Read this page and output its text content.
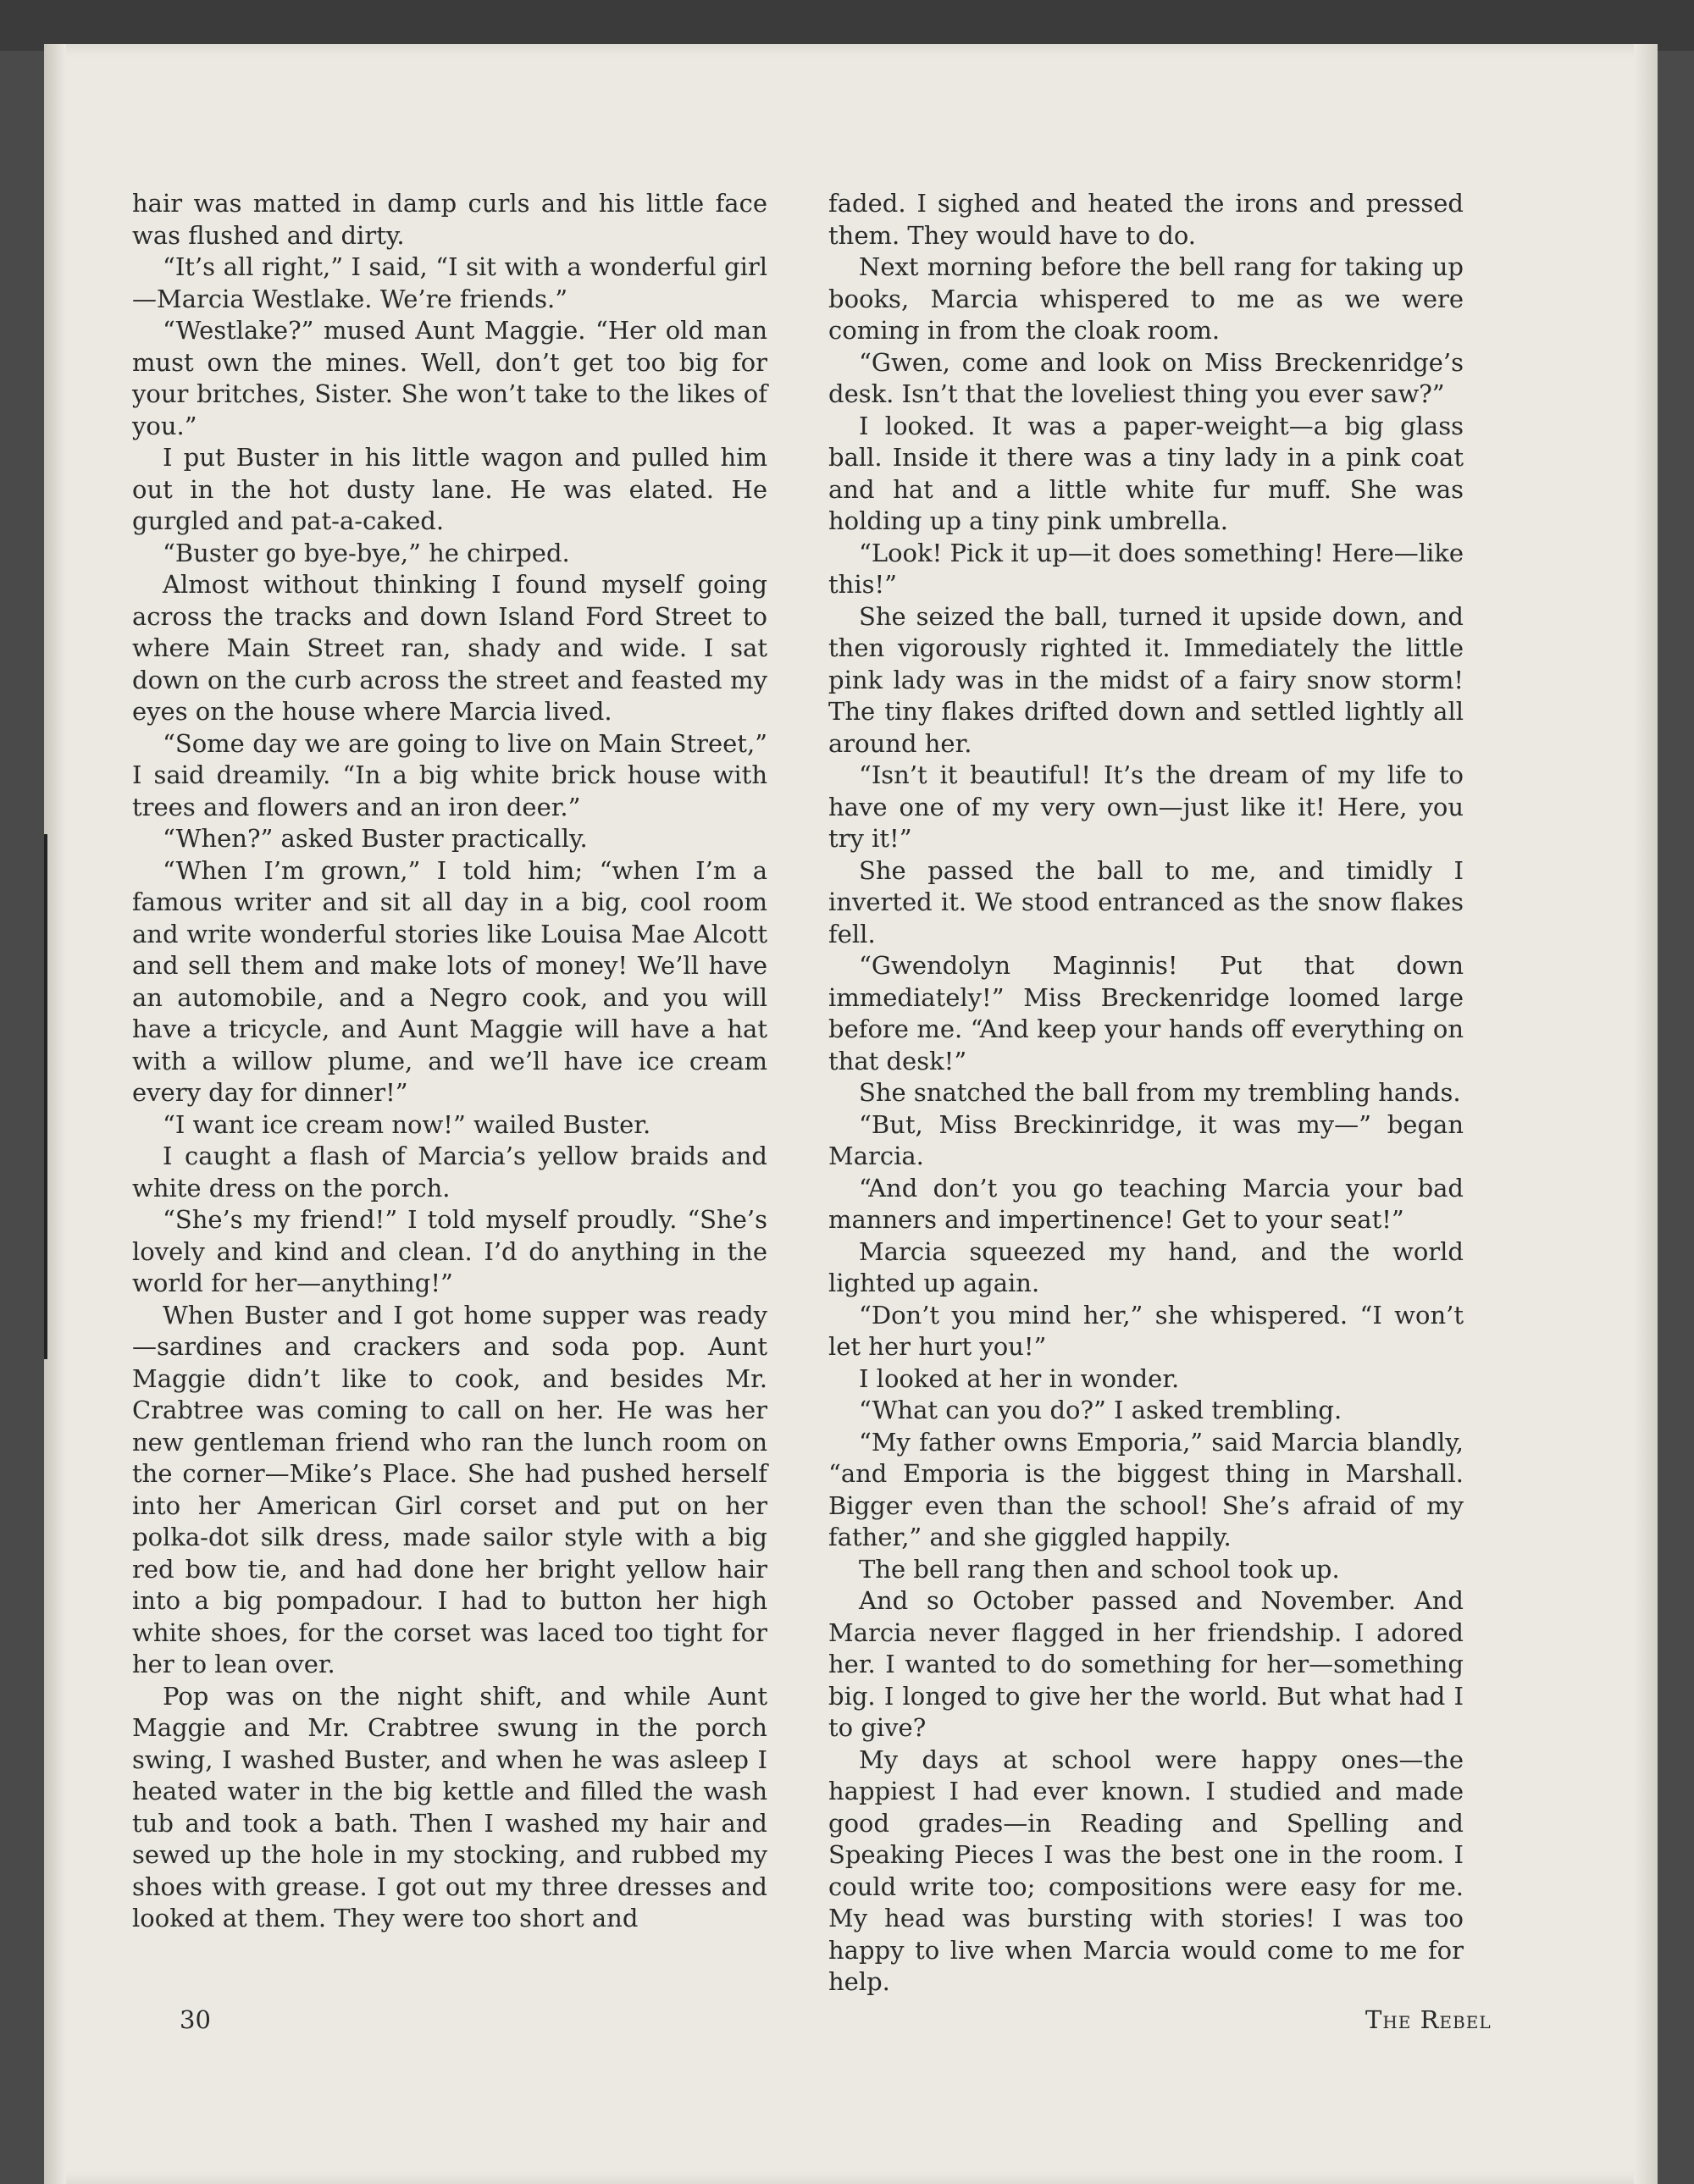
hair was matted in damp curls and his little face was flushed and dirty.

“It’s all right,” I said, “I sit with a wonderful girl—Marcia Westlake. We’re friends.”

“Westlake?” mused Aunt Maggie. “Her old man must own the mines. Well, don’t get too big for your britches, Sister. She won’t take to the likes of you.”

I put Buster in his little wagon and pulled him out in the hot dusty lane. He was elated. He gurgled and pat-a-caked.

“Buster go bye-bye,” he chirped.

Almost without thinking I found myself going across the tracks and down Island Ford Street to where Main Street ran, shady and wide. I sat down on the curb across the street and feasted my eyes on the house where Marcia lived.

“Some day we are going to live on Main Street,” I said dreamily. “In a big white brick house with trees and flowers and an iron deer.”

“When?” asked Buster practically.

“When I’m grown,” I told him; “when I’m a famous writer and sit all day in a big, cool room and write wonderful stories like Louisa Mae Alcott and sell them and make lots of money! We’ll have an automobile, and a Negro cook, and you will have a tricycle, and Aunt Maggie will have a hat with a willow plume, and we’ll have ice cream every day for dinner!”

“I want ice cream now!” wailed Buster.

I caught a flash of Marcia’s yellow braids and white dress on the porch.

“She’s my friend!” I told myself proudly. “She’s lovely and kind and clean. I’d do anything in the world for her—anything!”

When Buster and I got home supper was ready —sardines and crackers and soda pop. Aunt Maggie didn’t like to cook, and besides Mr. Crabtree was coming to call on her. He was her new gentleman friend who ran the lunch room on the corner—Mike’s Place. She had pushed herself into her American Girl corset and put on her polka-dot silk dress, made sailor style with a big red bow tie, and had done her bright yellow hair into a big pompadour. I had to button her high white shoes, for the corset was laced too tight for her to lean over.

Pop was on the night shift, and while Aunt Maggie and Mr. Crabtree swung in the porch swing, I washed Buster, and when he was asleep I heated water in the big kettle and filled the wash tub and took a bath. Then I washed my hair and sewed up the hole in my stocking, and rubbed my shoes with grease. I got out my three dresses and looked at them. They were too short and

faded. I sighed and heated the irons and pressed them. They would have to do.

Next morning before the bell rang for taking up books, Marcia whispered to me as we were coming in from the cloak room.

“Gwen, come and look on Miss Breckenridge’s desk. Isn’t that the loveliest thing you ever saw?”

I looked. It was a paper-weight—a big glass ball. Inside it there was a tiny lady in a pink coat and hat and a little white fur muff. She was holding up a tiny pink umbrella.

“Look! Pick it up—it does something! Here—like this!”

She seized the ball, turned it upside down, and then vigorously righted it. Immediately the little pink lady was in the midst of a fairy snow storm! The tiny flakes drifted down and settled lightly all around her.

“Isn’t it beautiful! It’s the dream of my life to have one of my very own—just like it! Here, you try it!”

She passed the ball to me, and timidly I inverted it. We stood entranced as the snow flakes fell.

“Gwendolyn Maginnis! Put that down immediately!” Miss Breckenridge loomed large before me. “And keep your hands off everything on that desk!”

She snatched the ball from my trembling hands.

“But, Miss Breckinridge, it was my—” began Marcia.

“And don’t you go teaching Marcia your bad manners and impertinence! Get to your seat!”

Marcia squeezed my hand, and the world lighted up again.

“Don’t you mind her,” she whispered. “I won’t let her hurt you!”

I looked at her in wonder.

“What can you do?” I asked trembling.

“My father owns Emporia,” said Marcia blandly, “and Emporia is the biggest thing in Marshall. Bigger even than the school! She’s afraid of my father,” and she giggled happily.

The bell rang then and school took up.

And so October passed and November. And Marcia never flagged in her friendship. I adored her. I wanted to do something for her—something big. I longed to give her the world. But what had I to give?

My days at school were happy ones—the happiest I had ever known. I studied and made good grades—in Reading and Spelling and Speaking Pieces I was the best one in the room. I could write too; compositions were easy for me. My head was bursting with stories! I was too happy to live when Marcia would come to me for help.

30	The Rebel
